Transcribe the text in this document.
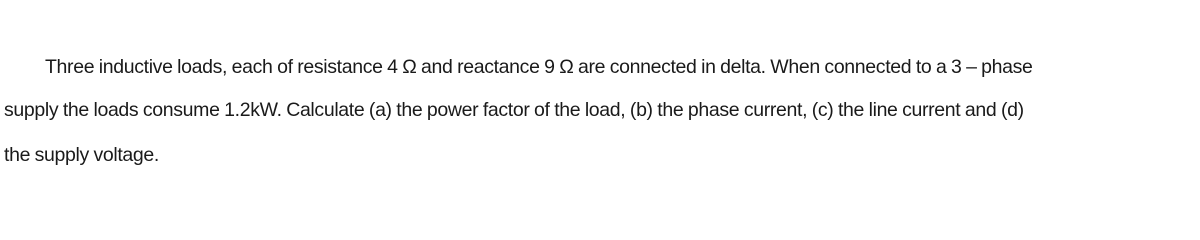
Three inductive loads, each of resistance 4 Ω and reactance 9 Ω are connected in delta. When connected to a 3 – phase
supply the loads consume 1.2kW. Calculate (a) the power factor of the load, (b) the phase current, (c) the line current and (d)
the supply voltage.
